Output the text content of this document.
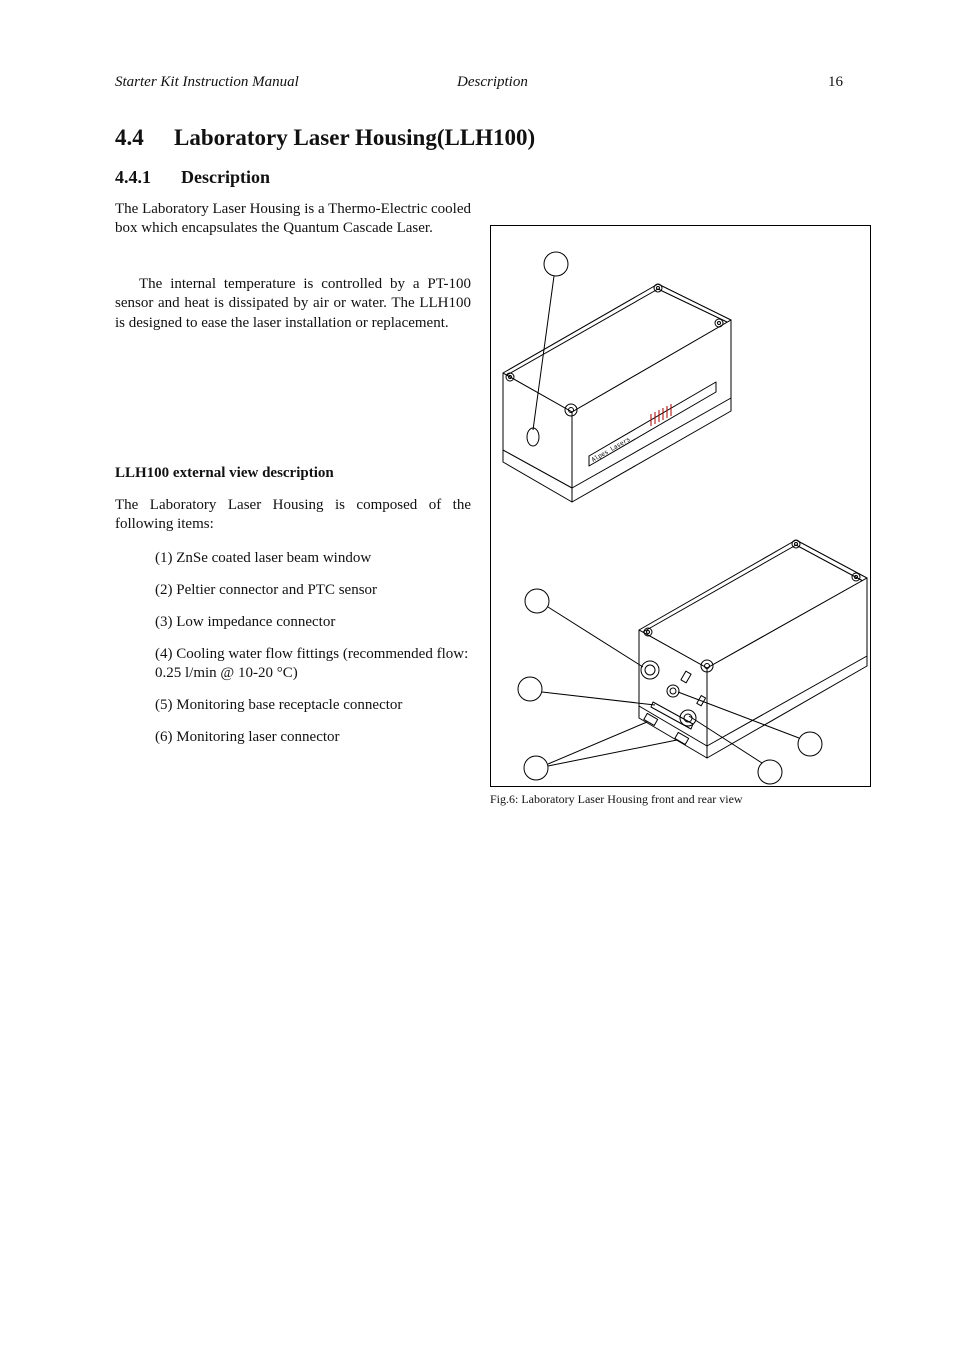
Starter Kit Instruction Manual	Description	16
4.4 Laboratory Laser Housing(LLH100)
4.4.1 Description
The Laboratory Laser Housing is a Thermo-Electric cooled box which encapsulates the Quantum Cascade Laser.
The internal temperature is controlled by a PT-100 sensor and heat is dissipated by air or water. The LLH100 is designed to ease the laser installation or replacement.
LLH100 external view description
The Laboratory Laser Housing is composed of the following items:
(1) ZnSe coated laser beam window
(2) Peltier connector and PTC sensor
(3) Low impedance connector
(4) Cooling water flow fittings (recommended flow: 0.25 l/min @ 10-20 °C)
(5) Monitoring base receptacle connector
(6) Monitoring laser connector
Alpes Lasers
Fig.6: Laboratory Laser Housing front and rear view
